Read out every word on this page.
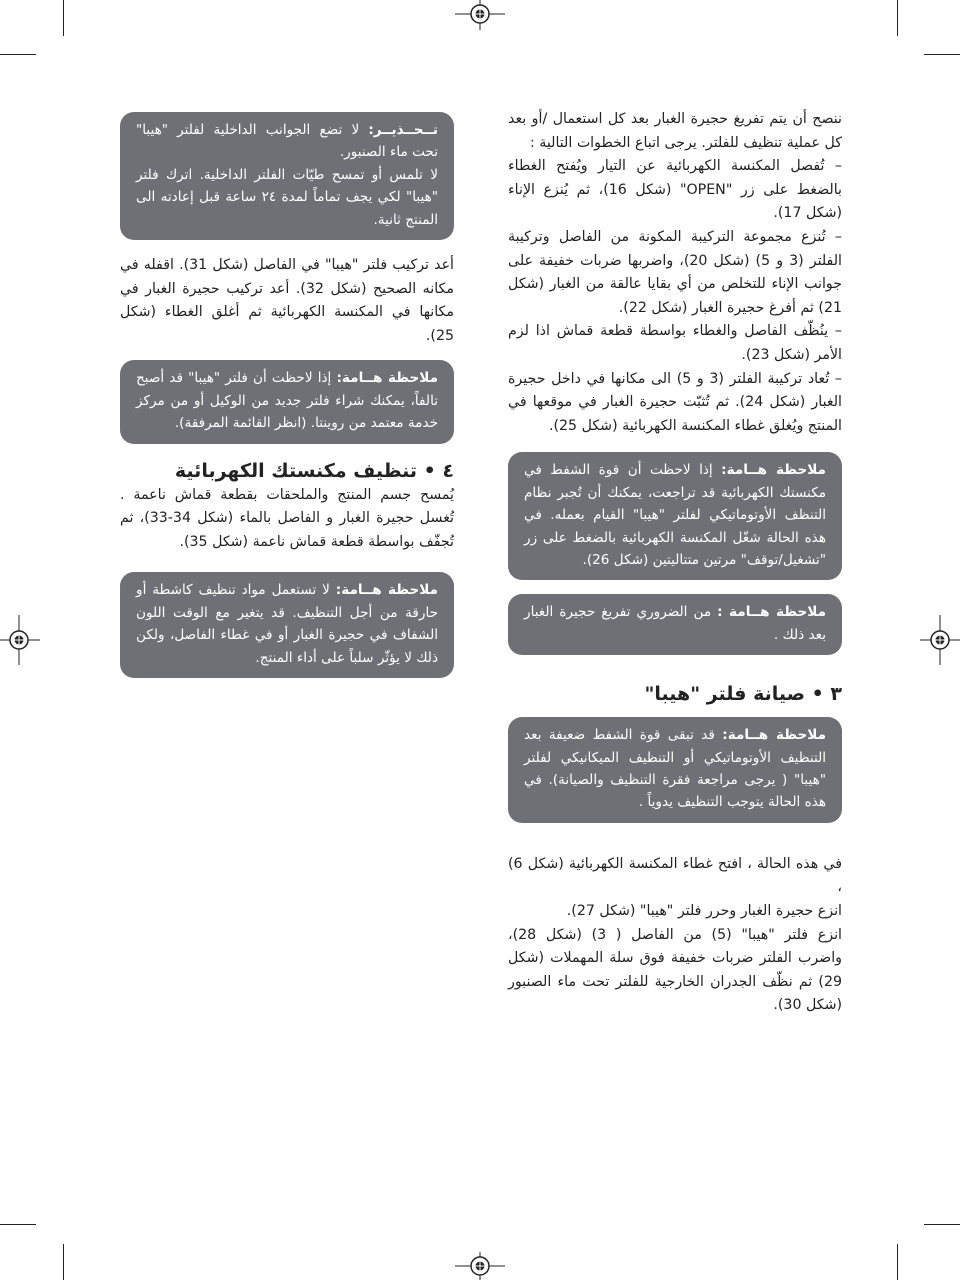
ننصح أن يتم تفريغ حجيرة الغبار بعد كل استعمال /أو بعد كل عملية تنظيف للفلتر. يرجى اتباع الخطوات التالية :

– تُفصل المكنسة الكهربائية عن التيار ويُفتح الغطاء بالضغط على زر "OPEN" (شكل 16)، ثم يُنزع الإناء (شكل 17).

– تُنزع مجموعة التركيبة المكونة من الفاصل وتركيبة الفلتر (3 و 5) (شكل 20)، واضربها ضربات خفيفة على جوانب الإناء للتخلص من أي بقايا عالقة من الغبار (شكل 21) ثم أفرغ حجيرة الغبار (شكل 22).

– ينُظّف الفاصل والغطاء بواسطة قطعة قماش اذا لزم الأمر (شكل 23).

– تُعاد تركيبة الفلتر (3 و 5) الى مكانها في داخل حجيرة الغبار (شكل 24). ثم تُثبّت حجيرة الغبار في موقعها في المنتج ويُغلق غطاء المكنسة الكهربائية (شكل 25).

ملاحظة هــامة: إذا لاحظت أن قوة الشفط في مكنستك الكهربائية قد تراجعت، يمكنك أن تُجبر نظام التنظف الأوتوماتيكي لفلتر "هيبا" القيام بعمله. في هذه الحالة شغّل المكنسة الكهربائية بالضغط على زر "تشغيل/توقف" مرتين متتاليتين (شكل 26).
ملاحظة هــامة : من الضروري تفريغ حجيرة الغبار بعد ذلك .
٣ • صيانة فلتر "هيبا"
ملاحظة هــامة: قد تبقى قوة الشفط ضعيفة بعد التنظيف الأوتوماتيكي أو التنظيف الميكانيكي لفلتر "هيبا" ( يرجى مراجعة فقرة التنظيف والصيانة). في هذه الحالة يتوجب التنظيف يدوياً .

في هذه الحالة ، افتح غطاء المكنسة الكهربائية (شكل 6) ،

انزع حجيرة الغبار وحرر فلتر "هيبا" (شكل 27).

انزع فلتر "هيبا" (5) من الفاصل ( 3) (شكل 28)، واضرب الفلتر ضربات خفيفة فوق سلة المهملات (شكل 29) ثم نظّف الجدران الخارجية للفلتر تحت ماء الصنبور (شكل 30).

تــحــذيــر: لا تضع الجوانب الداخلية لفلتر "هيبا" تحت ماء الصنبور.
لا تلمس أو تمسح طيّات الفلتر الداخلية. اترك فلتر "هيبا" لكي يجف تماماً لمدة ٢٤ ساعة قبل إعادته الى المنتج ثانية.

أعد تركيب فلتر "هيبا" في الفاصل (شكل 31). اقفله في مكانه الصحيح (شكل 32). أعد تركيب حجيرة الغبار في مكانها في المكنسة الكهربائية ثم أغلق الغطاء (شكل 25).

ملاحظة هــامة: إذا لاحظت أن فلتر "هيبا" قد أصبح تالفاً، يمكنك شراء فلتر جديد من الوكيل أو من مركز خدمة معتمد من روينتا. (انظر القائمة المرفقة).
٤ • تنظيف مكنستك الكهربائية

يُمسح جسم المنتج والملحقات بقطعة قماش ناعمة . تُغسل حجيرة الغبار و الفاصل بالماء (شكل 34-33)، ثم تُجفّف بواسطة قطعة قماش ناعمة (شكل 35).

ملاحظة هــامة: لا تستعمل مواد تنظيف كاشطة أو حارقة من أجل التنظيف. قد يتغير مع الوقت اللون الشفاف في حجيرة الغبار أو في غطاء الفاصل، ولكن ذلك لا يؤثّر سلباً على أداء المنتج.
